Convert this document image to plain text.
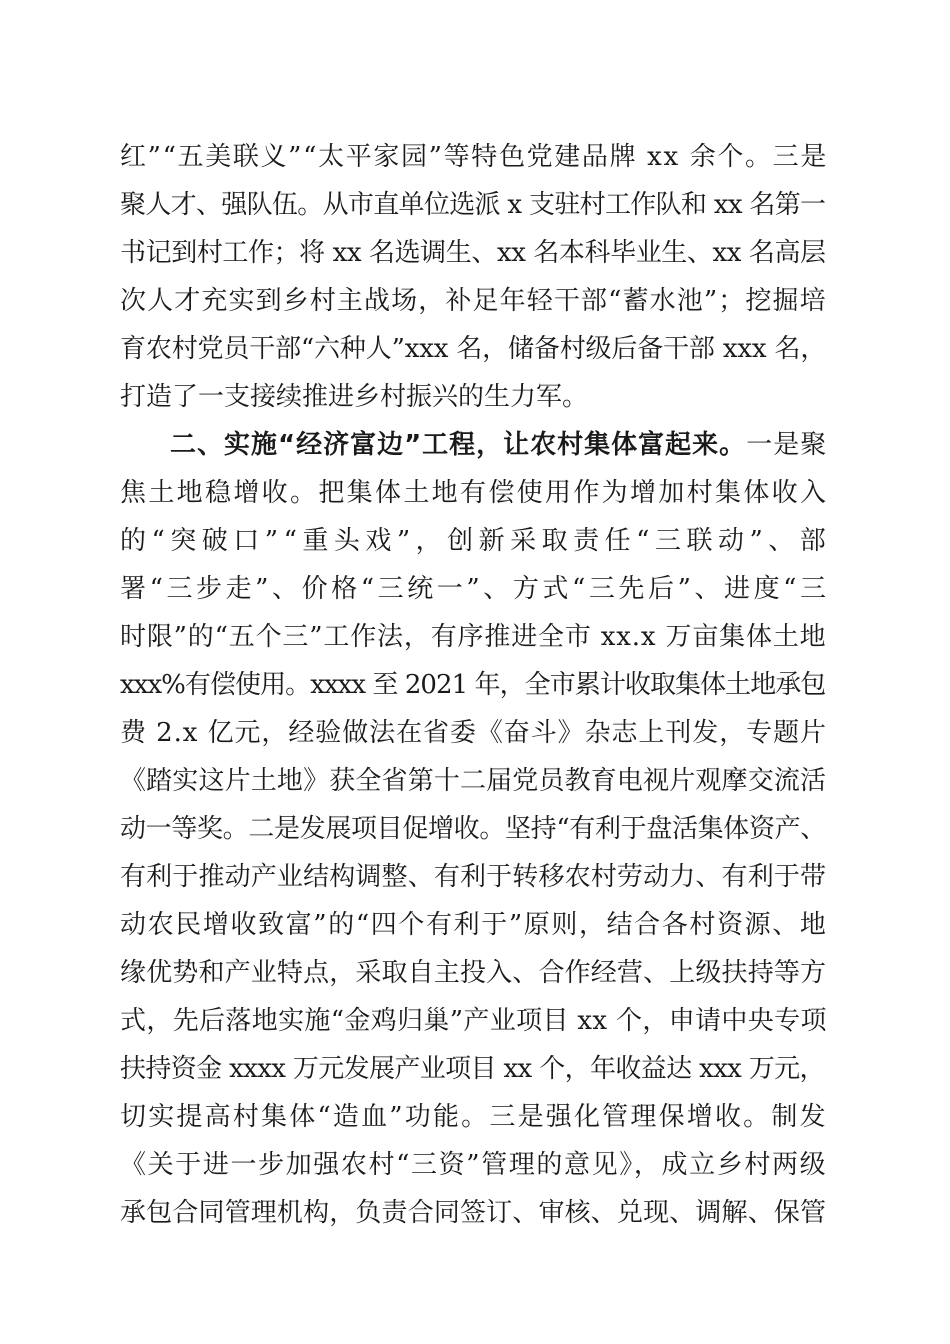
红”“五美联义”“太平家园”等特色党建品牌 xx 余个。三是
聚人才、强队伍。从市直单位选派 x 支驻村工作队和 xx 名第一
书记到村工作；将 xx 名选调生、xx 名本科毕业生、xx 名高层
次人才充实到乡村主战场，补足年轻干部“蓄水池”；挖掘培
育农村党员干部“六种人”xxx 名，储备村级后备干部 xxx 名，
打造了一支接续推进乡村振兴的生力军。
二、实施“经济富边”工程，让农村集体富起来。一是聚
焦土地稳增收。把集体土地有偿使用作为增加村集体收入
的“突破口”“重头戏”，创新采取责任“三联动”、部
署“三步走”、价格“三统一”、方式“三先后”、进度“三
时限”的“五个三”工作法，有序推进全市 xx.x 万亩集体土地
xxx%有偿使用。xxxx 至 2021 年，全市累计收取集体土地承包
费 2.x 亿元，经验做法在省委《奋斗》杂志上刊发，专题片
《踏实这片土地》获全省第十二届党员教育电视片观摩交流活
动一等奖。二是发展项目促增收。坚持“有利于盘活集体资产、
有利于推动产业结构调整、有利于转移农村劳动力、有利于带
动农民增收致富”的“四个有利于”原则，结合各村资源、地
缘优势和产业特点，采取自主投入、合作经营、上级扶持等方
式，先后落地实施“金鸡归巢”产业项目 xx 个，申请中央专项
扶持资金 xxxx 万元发展产业项目 xx 个，年收益达 xxx 万元，
切实提高村集体“造血”功能。三是强化管理保增收。制发
《关于进一步加强农村“三资”管理的意见》，成立乡村两级
承包合同管理机构，负责合同签订、审核、兑现、调解、保管
